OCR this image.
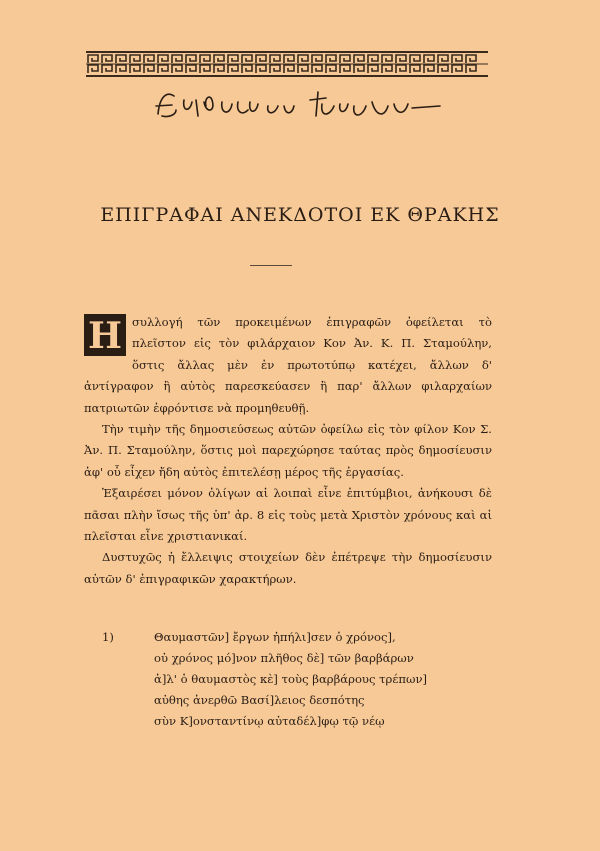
ΕΠΙΓΡΑΦΑΙ ΑΝΕΚΔΟΤΟΙ ΕΚ ΘΡΑΚΗΣ

Η συλλογή τῶν προκειμένων ἐπιγραφῶν ὀφείλεται τὸ πλεῖστον εἰς τὸν φιλάρχαιον Κον Ἀν. Κ. Π. Σταμούλην, ὅστις ἄλλας μὲν ἐν πρωτοτύπῳ κατέχει, ἄλλων δ' ἀντίγραφον ἢ αὐτὸς παρεσκεύασεν ἢ παρ' ἄλλων φιλαρχαίων πατριωτῶν ἐφρόντισε νὰ προμηθευθῇ.

Τὴν τιμὴν τῆς δημοσιεύσεως αὐτῶν ὀφείλω εἰς τὸν φίλον Κον Σ. Ἀν. Π. Σταμούλην, ὅστις μοὶ παρεχώρησε ταύτας πρὸς δημοσίευσιν ἀφ' οὗ εἶχεν ἤδη αὐτὸς ἐπιτελέσῃ μέρος τῆς ἐργασίας.

Ἐξαιρέσει μόνον ὀλίγων αἱ λοιπαὶ εἶνε ἐπιτύμβιοι, ἀνήκουσι δὲ πᾶσαι πλὴν ἴσως τῆς ὑπ' ἀρ. 8 εἰς τοὺς μετὰ Χριστὸν χρόνους καὶ αἱ πλεῖσται εἶνε χριστιανικαί.

Δυστυχῶς ἡ ἔλλειψις στοιχείων δὲν ἐπέτρεψε τὴν δημοσίευσιν αὐτῶν δ' ἐπιγραφικῶν χαρακτήρων.

1)	Θαυμαστῶν] ἔργων ἠπήλι]σεν ὁ χρόνος],
οὐ χρόνος μό]νον πλῆθος δὲ] τῶν βαρβάρων
ἀ]λ' ὁ θαυμαστὸς κὲ] τοὺς βαρβάρους τρέπων]
αὐθης ἀνερθῶ Βασί]λειος δεσπότης
σὺν Κ]ονσταντίνῳ αὐταδέλ]φῳ τῷ νέῳ
